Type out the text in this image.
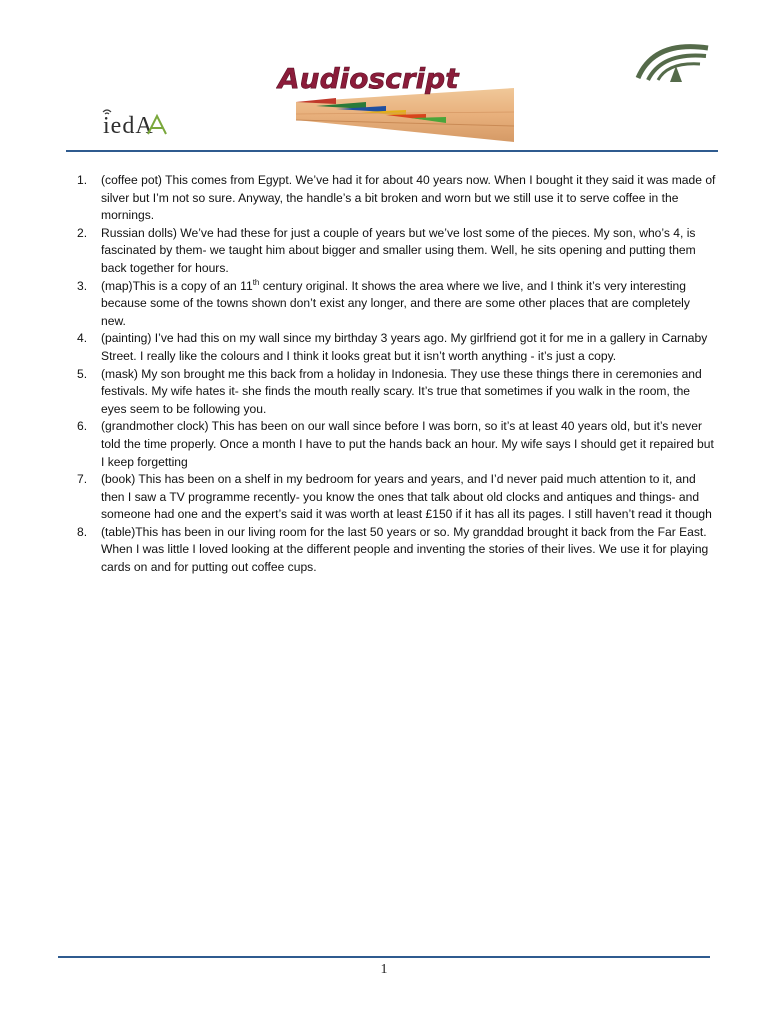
iedA
Audioscript
1. (coffee pot) This comes from Egypt. We’ve had it for about 40 years now. When I bought it they said it was made of silver but I’m not so sure. Anyway, the handle’s a bit broken and worn but we still use it to serve coffee in the mornings.
2. Russian dolls) We’ve had these for just a couple of years but we’ve lost some of the pieces. My son, who’s 4, is fascinated by them- we taught him about bigger and smaller using them. Well, he sits opening and putting them back together for hours.
3. (map)This is a copy of an 11th century original. It shows the area where we live, and I think it’s very interesting because some of the towns shown don’t exist any longer, and there are some other places that are completely new.
4. (painting) I’ve had this on my wall since my birthday 3 years ago. My girlfriend got it for me in a gallery in Carnaby Street. I really like the colours and I think it looks great but it isn’t worth anything - it’s just a copy.
5. (mask) My son brought me this back from a holiday in Indonesia. They use these things there in ceremonies and festivals. My wife hates it- she finds the mouth really scary. It’s true that sometimes if you walk in the room, the eyes seem to be following you.
6. (grandmother clock) This has been on our wall since before I was born, so it’s at least 40 years old, but it’s never told the time properly. Once a month I have to put the hands back an hour. My wife says I should get it repaired but I keep forgetting
7. (book) This has been on a shelf in my bedroom for years and years, and I’d never paid much attention to it, and then I saw a TV programme recently- you know the ones that talk about old clocks and antiques and things- and someone had one and the expert’s said it was worth at least £150 if it has all its pages. I still haven’t read it though
8. (table)This has been in our living room for the last 50 years or so. My granddad brought it back from the Far East. When I was little I loved looking at the different people and inventing the stories of their lives. We use it for playing cards on and for putting out coffee cups.
1
